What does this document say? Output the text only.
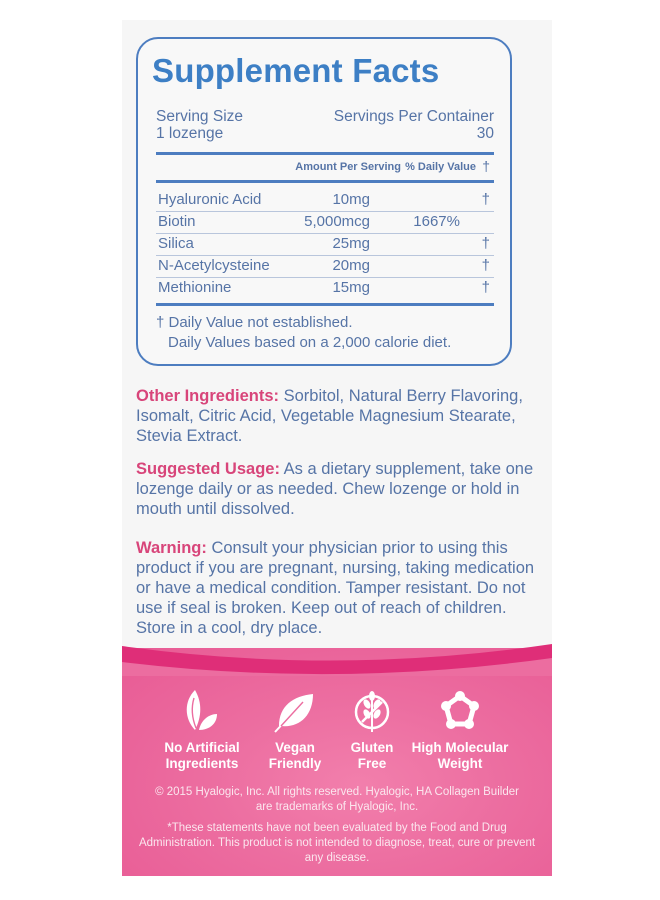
Supplement Facts
Serving Size
1 lozenge
Servings Per Container
30
Amount Per Serving % Daily Value †
Hyaluronic Acid	10mg	†
Biotin	5,000mcg	1667%
Silica	25mg	†
N-Acetylcysteine	20mg	†
Methionine	15mg	†
† Daily Value not established.
Daily Values based on a 2,000 calorie diet.
Other Ingredients: Sorbitol, Natural Berry Flavoring, Isomalt, Citric Acid, Vegetable Magnesium Stearate, Stevia Extract.
Suggested Usage: As a dietary supplement, take one lozenge daily or as needed. Chew lozenge or hold in mouth until dissolved.
Warning: Consult your physician prior to using this product if you are pregnant, nursing, taking medication or have a medical condition. Tamper resistant. Do not use if seal is broken. Keep out of reach of children. Store in a cool, dry place.
No Artificial
Ingredients
Vegan
Friendly
Gluten
Free
High Molecular
Weight
© 2015 Hyalogic, Inc. All rights reserved. Hyalogic, HA Collagen Builder are trademarks of Hyalogic, Inc.
*These statements have not been evaluated by the Food and Drug Administration. This product is not intended to diagnose, treat, cure or prevent any disease.
